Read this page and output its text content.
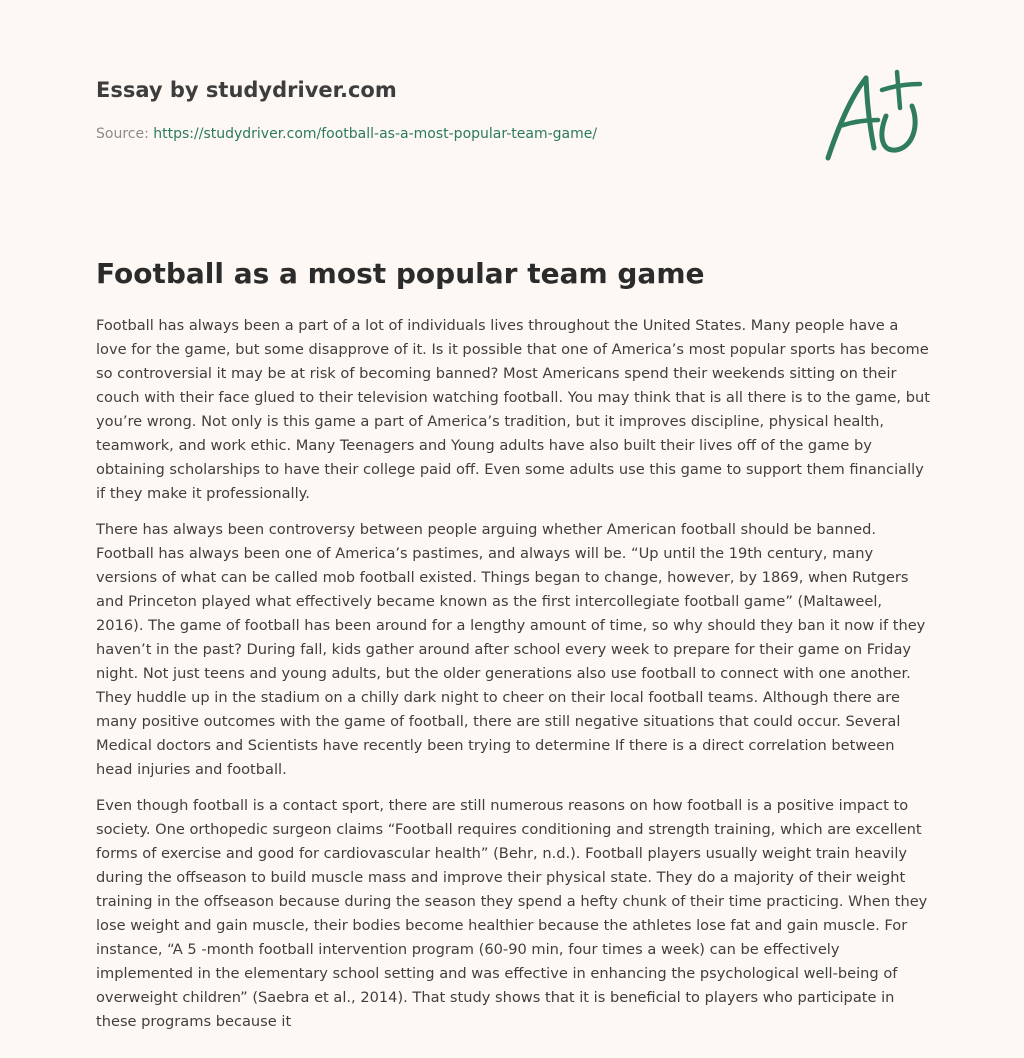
Essay by studydriver.com
Source: https://studydriver.com/football-as-a-most-popular-team-game/
Football as a most popular team game

Football has always been a part of a lot of individuals lives throughout the United States. Many people have a love for the game, but some disapprove of it. Is it possible that one of America’s most popular sports has become so controversial it may be at risk of becoming banned? Most Americans spend their weekends sitting on their couch with their face glued to their television watching football. You may think that is all there is to the game, but you’re wrong. Not only is this game a part of America’s tradition, but it improves discipline, physical health, teamwork, and work ethic. Many Teenagers and Young adults have also built their lives off of the game by obtaining scholarships to have their college paid off. Even some adults use this game to support them financially if they make it professionally.

There has always been controversy between people arguing whether American football should be banned. Football has always been one of America’s pastimes, and always will be. “Up until the 19th century, many versions of what can be called mob football existed. Things began to change, however, by 1869, when Rutgers and Princeton played what effectively became known as the first intercollegiate football game” (Maltaweel, 2016). The game of football has been around for a lengthy amount of time, so why should they ban it now if they haven’t in the past? During fall, kids gather around after school every week to prepare for their game on Friday night. Not just teens and young adults, but the older generations also use football to connect with one another. They huddle up in the stadium on a chilly dark night to cheer on their local football teams. Although there are many positive outcomes with the game of football, there are still negative situations that could occur. Several Medical doctors and Scientists have recently been trying to determine If there is a direct correlation between head injuries and football.

Even though football is a contact sport, there are still numerous reasons on how football is a positive impact to society. One orthopedic surgeon claims “Football requires conditioning and strength training, which are excellent forms of exercise and good for cardiovascular health” (Behr, n.d.). Football players usually weight train heavily during the offseason to build muscle mass and improve their physical state. They do a majority of their weight training in the offseason because during the season they spend a hefty chunk of their time practicing. When they lose weight and gain muscle, their bodies become healthier because the athletes lose fat and gain muscle. For instance, “A 5 -month football intervention program (60-90 min, four times a week) can be effectively implemented in the elementary school setting and was effective in enhancing the psychological well-being of overweight children” (Saebra et al., 2014). That study shows that it is beneficial to players who participate in these programs because it
